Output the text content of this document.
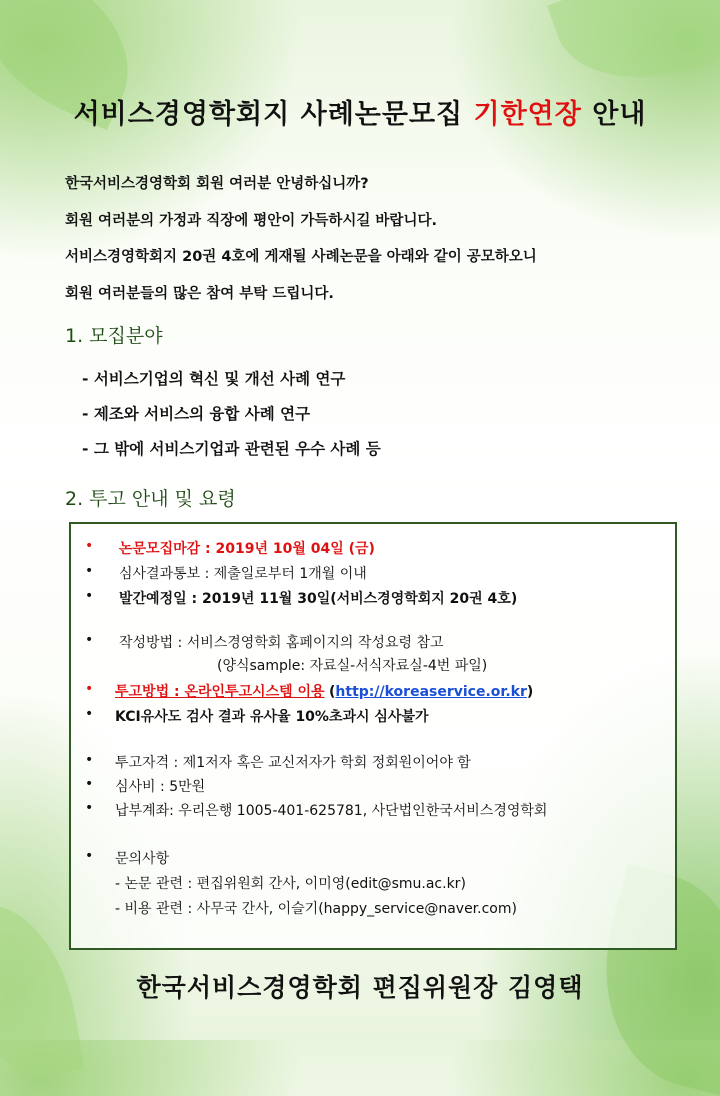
서비스경영학회지 사례논문모집 기한연장 안내
한국서비스경영학회 회원 여러분 안녕하십니까?
회원 여러분의 가정과 직장에 평안이 가득하시길 바랍니다.
서비스경영학회지 20권 4호에 게재될 사례논문을 아래와 같이 공모하오니
회원 여러분들의 많은 참여 부탁 드립니다.
1. 모집분야
- 서비스기업의 혁신 및 개선 사례 연구
- 제조와 서비스의 융합 사례 연구
- 그 밖에 서비스기업과 관련된 우수 사례 등
2. 투고 안내 및 요령
• 논문모집마감 : 2019년 10월 04일 (금)
• 심사결과통보 : 제출일로부터 1개월 이내
• 발간예정일 : 2019년 11월 30일(서비스경영학회지 20권 4호)
• 작성방법 : 서비스경영학회 홈페이지의 작성요령 참고
(양식sample: 자료실-서식자료실-4번 파일)
• 투고방법 : 온라인투고시스템 이용 (http://koreaservice.or.kr)
• KCI유사도 검사 결과 유사율 10%초과시 심사불가
• 투고자격 : 제1저자 혹은 교신저자가 학회 정회원이어야 함
• 심사비 : 5만원
• 납부계좌: 우리은행 1005-401-625781, 사단법인한국서비스경영학회
• 문의사항
- 논문 관련 : 편집위원회 간사, 이미영(edit@smu.ac.kr)
- 비용 관련 : 사무국 간사, 이슬기(happy_service@naver.com)
한국서비스경영학회 편집위원장 김영택
